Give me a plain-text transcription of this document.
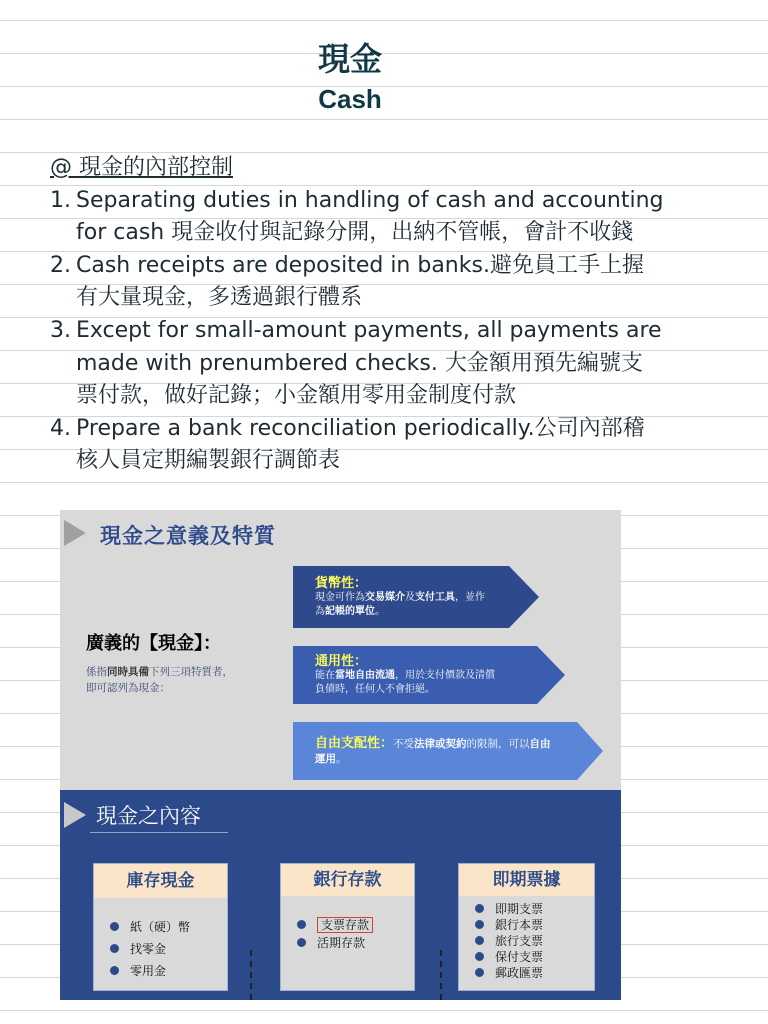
現金
Cash
@ 現金的內部控制
1. Separating duties in handling of cash and accounting
for cash 現金收付與記錄分開，出納不管帳，會計不收錢
2. Cash receipts are deposited in banks.避免員工手上握
有大量現金，多透過銀行體系
3. Except for small-amount payments, all payments are
made with prenumbered checks. 大金額用預先編號支
票付款，做好記錄；小金額用零用金制度付款
4. Prepare a bank reconciliation periodically.公司內部稽
核人員定期編製銀行調節表
現金之意義及特質
廣義的【現金】：
係指同時具備下列三項特質者，
即可認列為現金：
貨幣性：
現金可作為交易媒介及支付工具，並作
為記帳的單位。
通用性：
能在當地自由流通，用於支付價款及清償
負債時，任何人不會拒絕。
自由支配性：不受法律或契約的限制，可以自由
運用。
現金之內容
庫存現金
紙（硬）幣
找零金
零用金
銀行存款
支票存款
活期存款
即期票據
即期支票
銀行本票
旅行支票
保付支票
郵政匯票
